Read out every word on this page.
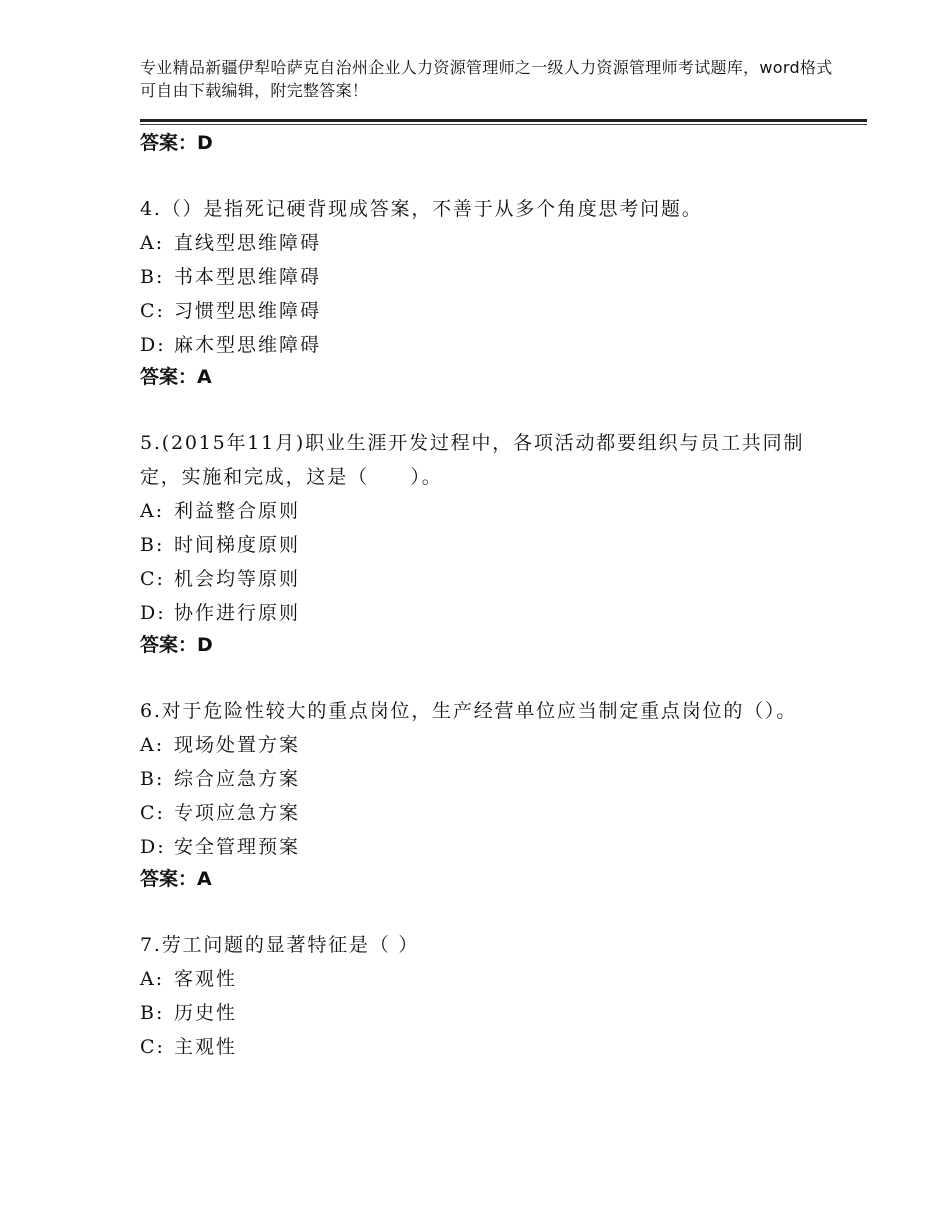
专业精品新疆伊犁哈萨克自治州企业人力资源管理师之一级人力资源管理师考试题库，word格式可自由下载编辑，附完整答案！

答案：D

4.（）是指死记硬背现成答案，不善于从多个角度思考问题。

A: 直线型思维障碍
B: 书本型思维障碍
C: 习惯型思维障碍
D: 麻木型思维障碍

答案：A

5.(2015年11月)职业生涯开发过程中，各项活动都要组织与员工共同制定，实施和完成，这是（　　）。

A: 利益整合原则
B: 时间梯度原则
C: 机会均等原则
D: 协作进行原则

答案：D

6.对于危险性较大的重点岗位，生产经营单位应当制定重点岗位的（）。

A: 现场处置方案
B: 综合应急方案
C: 专项应急方案
D: 安全管理预案

答案：A

7.劳工问题的显著特征是（ ）

A: 客观性
B: 历史性
C: 主观性
